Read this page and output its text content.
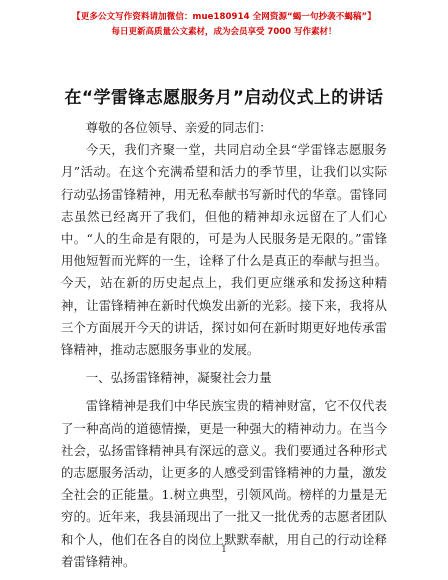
【更多公文写作资料请加微信：mue180914 全网资源“蝎一句抄袭不蝎稿”】
每日更新高质量公文素材，成为会员享受 7000 写作素材！
在“学雷锋志愿服务月”启动仪式上的讲话

尊敬的各位领导、亲爱的同志们：

今天，我们齐聚一堂，共同启动全县“学雷锋志愿服务月”活动。在这个充满希望和活力的季节里，让我们以实际行动弘扬雷锋精神，用无私奉献书写新时代的华章。雷锋同志虽然已经离开了我们，但他的精神却永远留在了人们心中。“人的生命是有限的，可是为人民服务是无限的。”雷锋用他短暂而光辉的一生，诠释了什么是真正的奉献与担当。今天，站在新的历史起点上，我们更应继承和发扬这种精神，让雷锋精神在新时代焕发出新的光彩。接下来，我将从三个方面展开今天的讲话，探讨如何在新时期更好地传承雷锋精神，推动志愿服务事业的发展。

一、弘扬雷锋精神，凝聚社会力量

雷锋精神是我们中华民族宝贵的精神财富，它不仅代表了一种高尚的道德情操，更是一种强大的精神动力。在当今社会，弘扬雷锋精神具有深远的意义。我们要通过各种形式的志愿服务活动，让更多的人感受到雷锋精神的力量，激发全社会的正能量。1.树立典型，引领风尚。榜样的力量是无穷的。近年来，我县涌现出了一批又一批优秀的志愿者团队和个人，他们在各自的岗位上默默奉献，用自己的行动诠释着雷锋精神。

1
